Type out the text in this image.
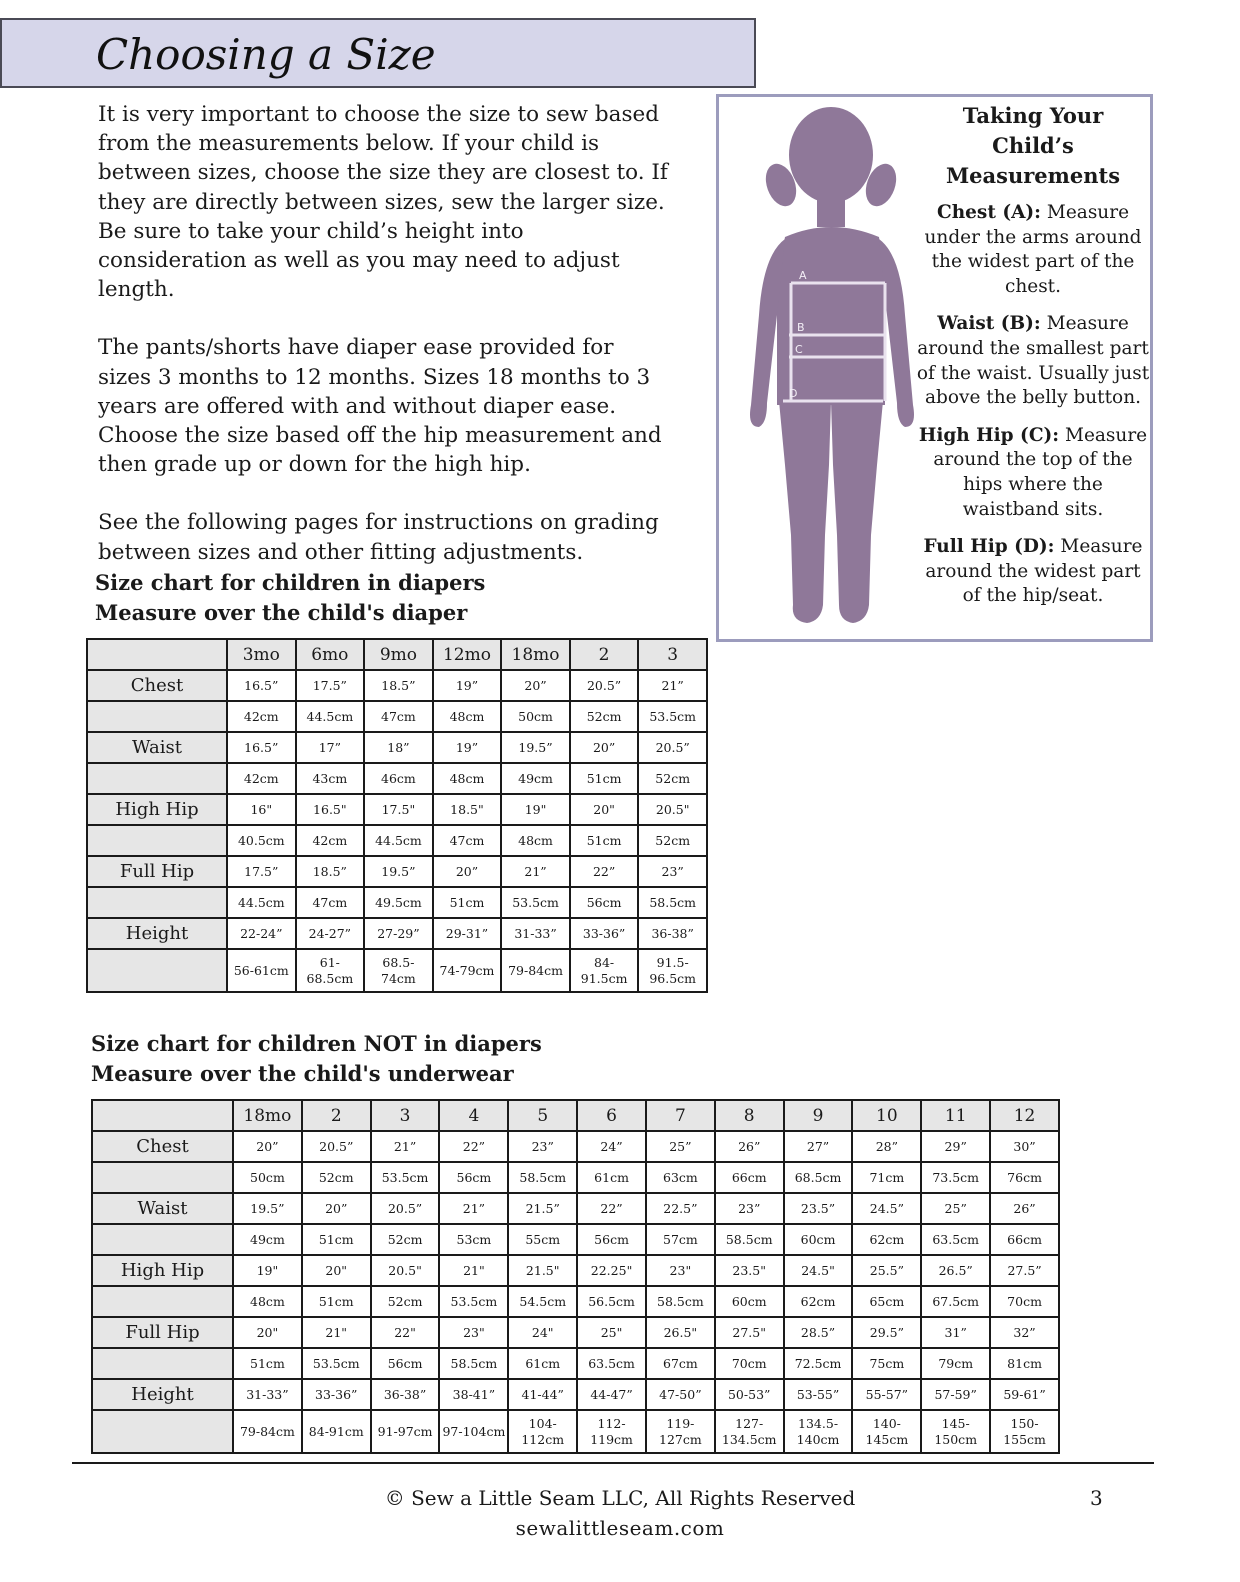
Choosing a Size

It is very important to choose the size to sew based from the measurements below. If your child is between sizes, choose the size they are closest to. If they are directly between sizes, sew the larger size. Be sure to take your child’s height into consideration as well as you may need to adjust length.

The pants/shorts have diaper ease provided for sizes 3 months to 12 months. Sizes 18 months to 3 years are offered with and without diaper ease. Choose the size based off the hip measurement and then grade up or down for the high hip.

See the following pages for instructions on grading between sizes and other fitting adjustments.

A
B
C
D
Taking Your
Child’s Measurements

Chest (A): Measure under the arms around the widest part of the chest.

Waist (B): Measure around the smallest part of the waist. Usually just above the belly button.

High Hip (C): Measure around the top of the hips where the waistband sits.

Full Hip (D): Measure around the widest part of the hip/seat.

Size chart for children in diapers
Measure over the child's diaper
	3mo	6mo	9mo	12mo	18mo	2	3
Chest	16.5”	17.5”	18.5”	19”	20”	20.5”	21”
	42cm	44.5cm	47cm	48cm	50cm	52cm	53.5cm
Waist	16.5”	17”	18”	19”	19.5”	20”	20.5”
	42cm	43cm	46cm	48cm	49cm	51cm	52cm
High Hip	16"	16.5"	17.5"	18.5"	19"	20"	20.5"
	40.5cm	42cm	44.5cm	47cm	48cm	51cm	52cm
Full Hip	17.5”	18.5”	19.5”	20”	21”	22”	23”
	44.5cm	47cm	49.5cm	51cm	53.5cm	56cm	58.5cm
Height	22-24”	24-27”	27-29”	29-31”	31-33”	33-36”	36-38”
	56-61cm	61-68.5cm	68.5-74cm	74-79cm	79-84cm	84-91.5cm	91.5-96.5cm
Size chart for children NOT in diapers
Measure over the child's underwear
	18mo	2	3	4	5	6	7	8	9	10	11	12
Chest	20”	20.5”	21”	22”	23”	24”	25”	26”	27”	28”	29”	30”
	50cm	52cm	53.5cm	56cm	58.5cm	61cm	63cm	66cm	68.5cm	71cm	73.5cm	76cm
Waist	19.5”	20”	20.5”	21”	21.5”	22”	22.5”	23”	23.5”	24.5”	25”	26”
	49cm	51cm	52cm	53cm	55cm	56cm	57cm	58.5cm	60cm	62cm	63.5cm	66cm
High Hip	19"	20"	20.5"	21"	21.5"	22.25"	23"	23.5"	24.5"	25.5”	26.5”	27.5”
	48cm	51cm	52cm	53.5cm	54.5cm	56.5cm	58.5cm	60cm	62cm	65cm	67.5cm	70cm
Full Hip	20"	21"	22"	23"	24"	25"	26.5"	27.5"	28.5”	29.5”	31”	32”
	51cm	53.5cm	56cm	58.5cm	61cm	63.5cm	67cm	70cm	72.5cm	75cm	79cm	81cm
Height	31-33”	33-36”	36-38”	38-41”	41-44”	44-47”	47-50”	50-53”	53-55”	55-57”	57-59”	59-61”
	79-84cm	84-91cm	91-97cm	97-104cm	104-112cm	112-119cm	119-127cm	127-134.5cm	134.5-140cm	140-145cm	145-150cm	150-155cm
© Sew a Little Seam LLC, All Rights Reserved
sewalittleseam.com
3
